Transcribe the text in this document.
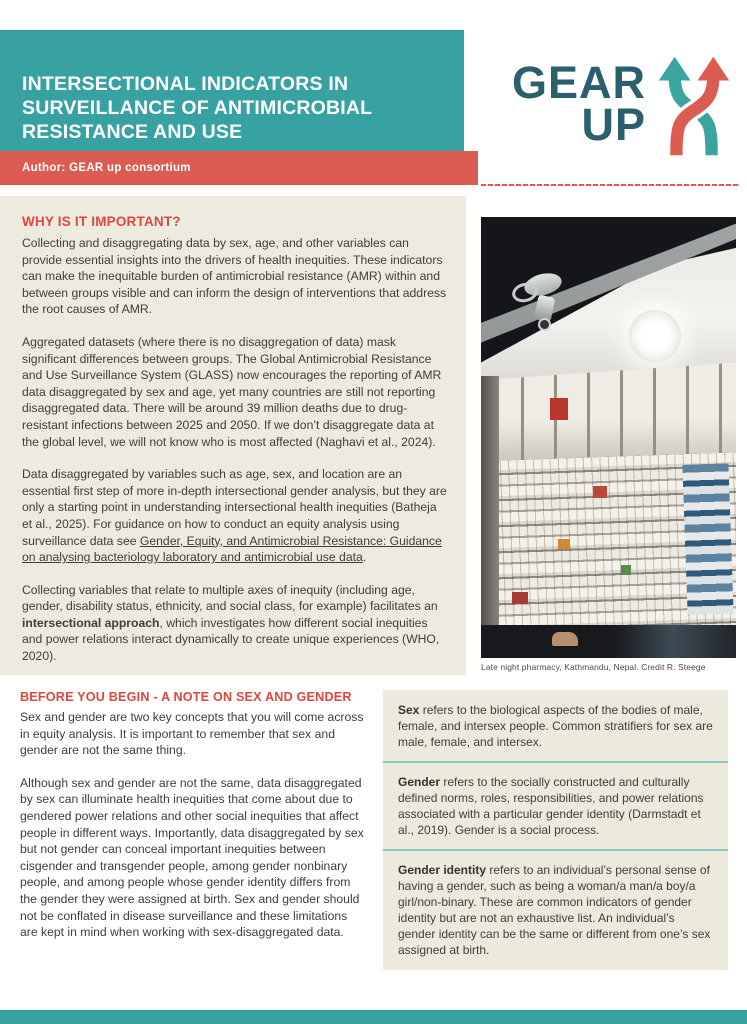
INTERSECTIONAL INDICATORS IN SURVEILLANCE OF ANTIMICROBIAL RESISTANCE AND USE
Author: GEAR up consortium
GEAR
UP
WHY IS IT IMPORTANT?

Collecting and disaggregating data by sex, age, and other variables can provide essential insights into the drivers of health inequities. These indicators can make the inequitable burden of antimicrobial resistance (AMR) within and between groups visible and can inform the design of interventions that address the root causes of AMR.

Aggregated datasets (where there is no disaggregation of data) mask significant differences between groups. The Global Antimicrobial Resistance and Use Surveillance System (GLASS) now encourages the reporting of AMR data disaggregated by sex and age, yet many countries are still not reporting disaggregated data. There will be around 39 million deaths due to drug-resistant infections between 2025 and 2050. If we don’t disaggregate data at the global level, we will not know who is most affected (Naghavi et al., 2024).

Data disaggregated by variables such as age, sex, and location are an essential first step of more in-depth intersectional gender analysis, but they are only a starting point in understanding intersectional health inequities (Batheja et al., 2025). For guidance on how to conduct an equity analysis using surveillance data see Gender, Equity, and Antimicrobial Resistance: Guidance on analysing bacteriology laboratory and antimicrobial use data.

Collecting variables that relate to multiple axes of inequity (including age, gender, disability status, ethnicity, and social class, for example) facilitates an intersectional approach, which investigates how different social inequities and power relations interact dynamically to create unique experiences (WHO, 2020).

Late night pharmacy, Kathmandu, Nepal. Credit R. Steege
BEFORE YOU BEGIN - A NOTE ON SEX AND GENDER

Sex and gender are two key concepts that you will come across in equity analysis. It is important to remember that sex and gender are not the same thing.

Although sex and gender are not the same, data disaggregated by sex can illuminate health inequities that come about due to gendered power relations and other social inequities that affect people in different ways. Importantly, data disaggregated by sex but not gender can conceal important inequities between cisgender and transgender people, among gender nonbinary people, and among people whose gender identity differs from the gender they were assigned at birth. Sex and gender should not be conflated in disease surveillance and these limitations are kept in mind when working with sex-disaggregated data.

Sex refers to the biological aspects of the bodies of male, female, and intersex people. Common stratifiers for sex are male, female, and intersex.

Gender refers to the socially constructed and culturally defined norms, roles, responsibilities, and power relations associated with a particular gender identity (Darmstadt et al., 2019). Gender is a social process.

Gender identity refers to an individual’s personal sense of having a gender, such as being a woman/a man/a boy/a girl/non-binary. These are common indicators of gender identity but are not an exhaustive list. An individual’s gender identity can be the same or different from one’s sex assigned at birth.
